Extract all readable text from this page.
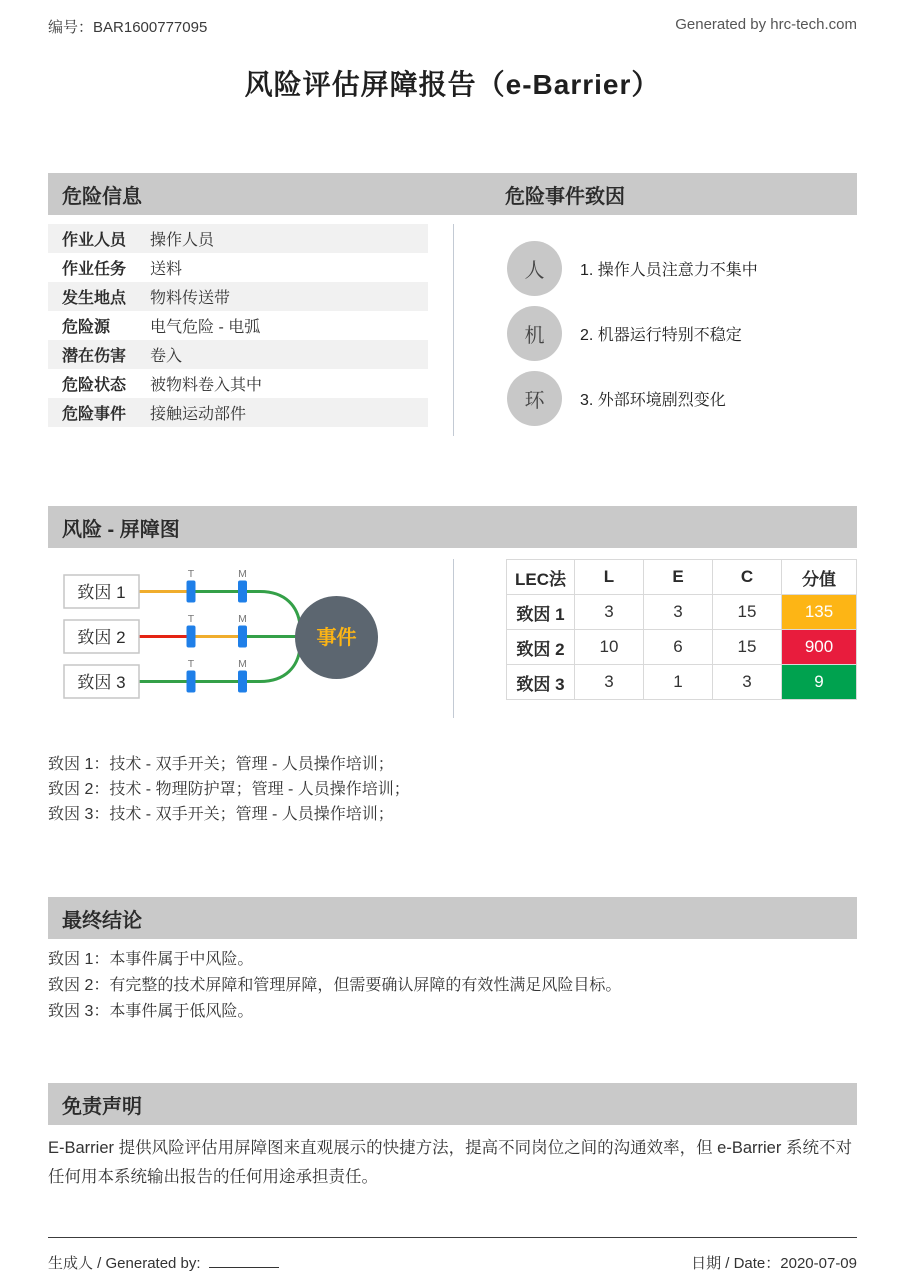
编号：BAR1600777095	Generated by hrc-tech.com
风险评估屏障报告（e-Barrier）
危险信息	危险事件致因
作业人员	操作人员
作业任务	送料
发生地点	物料传送带
危险源	电气危险 - 电弧
潜在伤害	卷入
危险状态	被物料卷入其中
危险事件	接触运动部件
人	1. 操作人员注意力不集中
机	2. 机器运行特别不稳定
环	3. 外部环境剧烈变化
风险 - 屏障图
致因 1
致因 2
致因 3
T	M
T	M
T	M
事件
LEC法	L	E	C	分值
致因 1	3	3	15	135
致因 2	10	6	15	900
致因 3	3	1	3	9
致因 1：技术 - 双手开关；管理 - 人员操作培训；
致因 2：技术 - 物理防护罩；管理 - 人员操作培训；
致因 3：技术 - 双手开关；管理 - 人员操作培训；
最终结论
致因 1：本事件属于中风险。
致因 2：有完整的技术屏障和管理屏障，但需要确认屏障的有效性满足风险目标。
致因 3：本事件属于低风险。
免责声明
E-Barrier 提供风险评估用屏障图来直观展示的快捷方法，提高不同岗位之间的沟通效率，但 e-Barrier 系统不对任何用本系统输出报告的任何用途承担责任。
生成人 / Generated by:	日期 / Date：2020-07-09
